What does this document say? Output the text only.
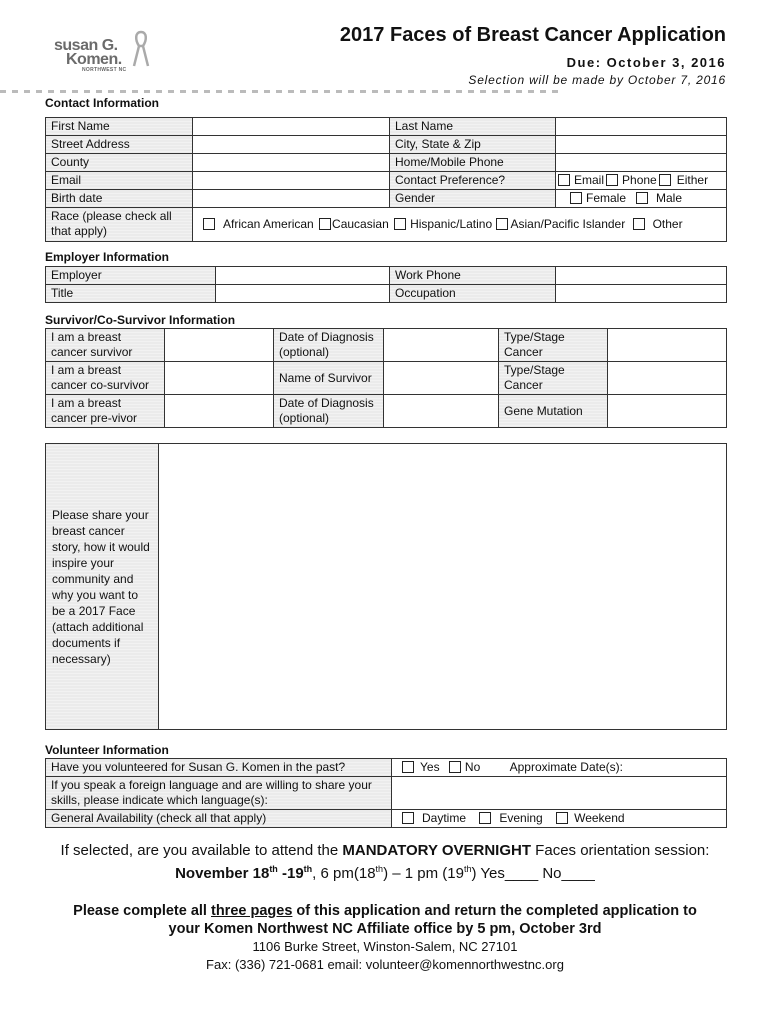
susan G.
Komen.
NORTHWEST NC
2017 Faces of Breast Cancer Application
Due: October 3, 2016
Selection will be made by October 7, 2016
Contact Information
First Name		Last Name	
Street Address		City, State & Zip	
County		Home/Mobile Phone	
Email		Contact Preference?	Email Phone Either
Birth date		Gender	Female Male
Race (please check all that apply)	African American Caucasian Hispanic/Latino Asian/Pacific Islander Other		
Employer Information
Employer		Work Phone	
Title		Occupation	
Survivor/Co-Survivor Information
I am a breast cancer survivor		Date of Diagnosis (optional)		Type/Stage Cancer	
I am a breast cancer co-survivor		Name of Survivor		Type/Stage Cancer	
I am a breast cancer pre-vivor		Date of Diagnosis (optional)		Gene Mutation	
Please share your breast cancer story, how it would inspire your community and why you want to be a 2017 Face (attach additional documents if necessary)	
Volunteer Information
Have you volunteered for Susan G. Komen in the past?	Yes No Approximate Date(s):
If you speak a foreign language and are willing to share your skills, please indicate which language(s):	
General Availability (check all that apply)	Daytime Evening Weekend
If selected, are you available to attend the MANDATORY OVERNIGHT Faces orientation session:
November 18th -19th, 6 pm(18th) – 1 pm (19th) Yes____ No____
Please complete all three pages of this application and return the completed application to
your Komen Northwest NC Affiliate office by 5 pm, October 3rd
1106 Burke Street, Winston-Salem, NC 27101
Fax: (336) 721-0681 email: volunteer@komennorthwestnc.org
